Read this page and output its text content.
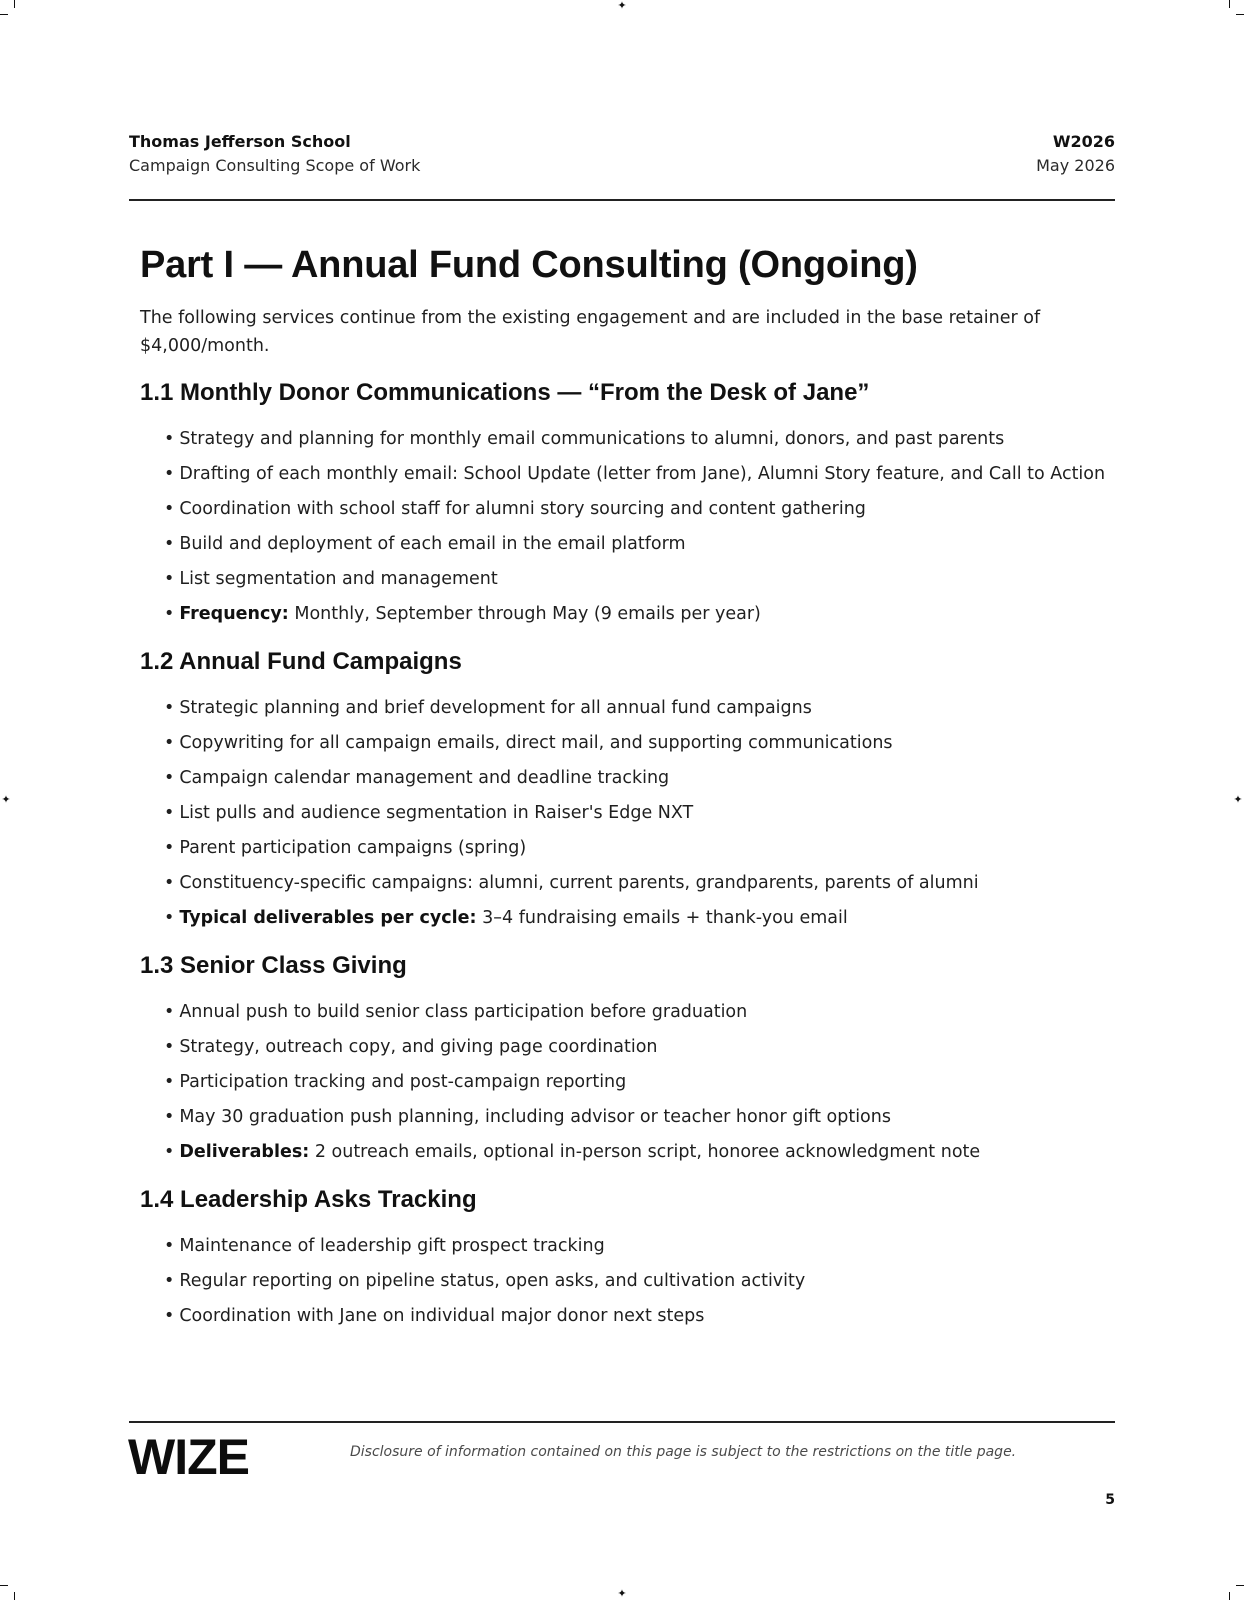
✦
✦
✦	✦
Thomas Jefferson School
Campaign Consulting Scope of Work
W2026
May 2026
Part I — Annual Fund Consulting (Ongoing)

The following services continue from the existing engagement and are included in the base retainer of $4,000/month.

1.1 Monthly Donor Communications — “From the Desk of Jane”
• Strategy and planning for monthly email communications to alumni, donors, and past parents
• Drafting of each monthly email: School Update (letter from Jane), Alumni Story feature, and Call to Action
• Coordination with school staff for alumni story sourcing and content gathering
• Build and deployment of each email in the email platform
• List segmentation and management
• Frequency: Monthly, September through May (9 emails per year)
1.2 Annual Fund Campaigns
• Strategic planning and brief development for all annual fund campaigns
• Copywriting for all campaign emails, direct mail, and supporting communications
• Campaign calendar management and deadline tracking
• List pulls and audience segmentation in Raiser's Edge NXT
• Parent participation campaigns (spring)
• Constituency-specific campaigns: alumni, current parents, grandparents, parents of alumni
• Typical deliverables per cycle: 3–4 fundraising emails + thank-you email
1.3 Senior Class Giving
• Annual push to build senior class participation before graduation
• Strategy, outreach copy, and giving page coordination
• Participation tracking and post-campaign reporting
• May 30 graduation push planning, including advisor or teacher honor gift options
• Deliverables: 2 outreach emails, optional in-person script, honoree acknowledgment note
1.4 Leadership Asks Tracking
• Maintenance of leadership gift prospect tracking
• Regular reporting on pipeline status, open asks, and cultivation activity
• Coordination with Jane on individual major donor next steps
WIZE	Disclosure of information contained on this page is subject to the restrictions on the title page.
5
